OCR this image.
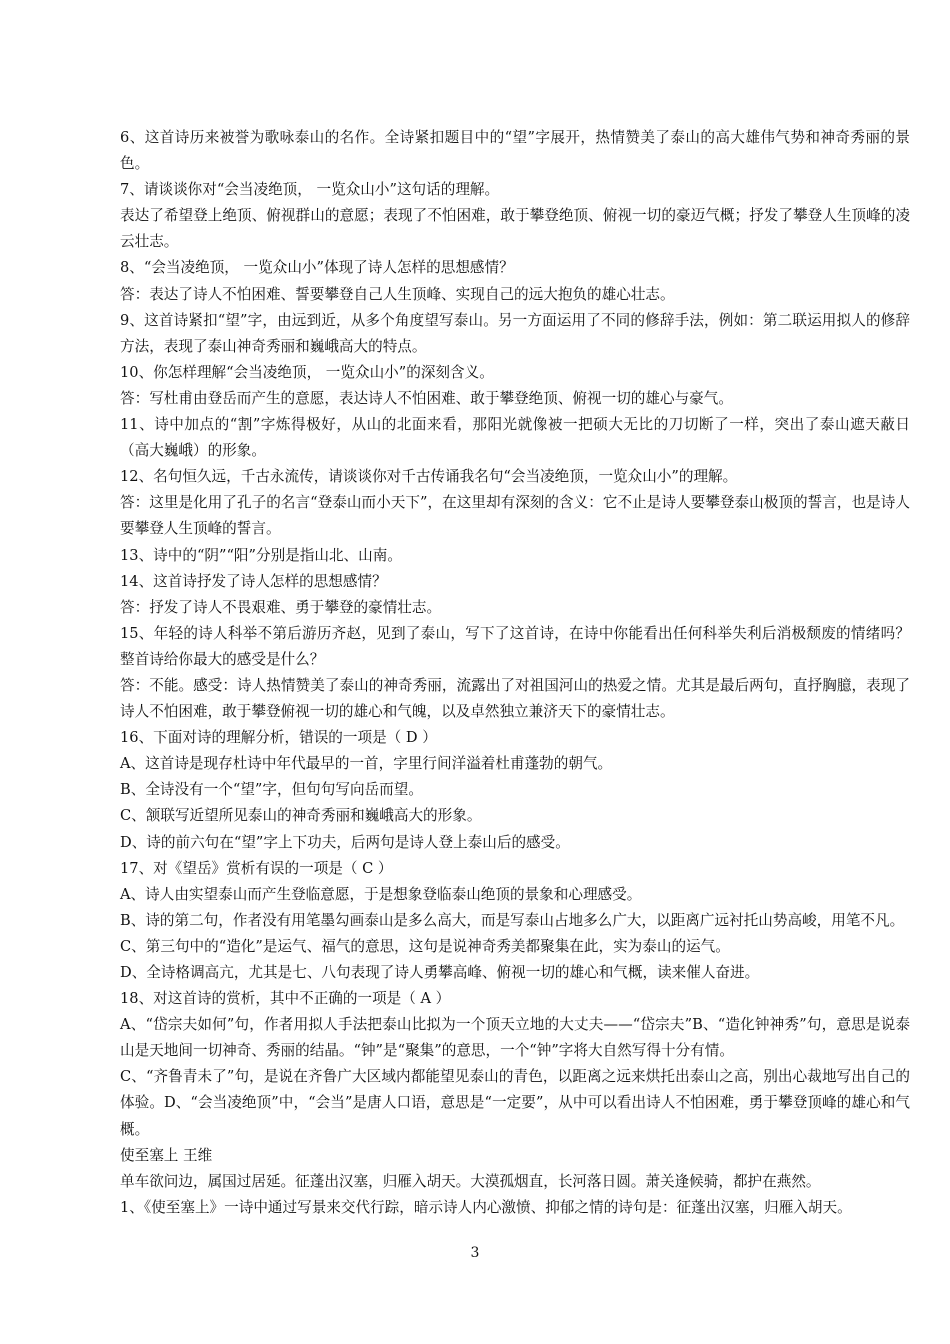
6、这首诗历来被誉为歌咏泰山的名作。全诗紧扣题目中的“望”字展开，热情赞美了泰山的高大雄伟气势和神奇秀丽的景色。

7、请谈谈你对“会当凌绝顶， 一览众山小”这句话的理解。

表达了希望登上绝顶、俯视群山的意愿；表现了不怕困难，敢于攀登绝顶、俯视一切的豪迈气概；抒发了攀登人生顶峰的凌云壮志。

8、“会当凌绝顶， 一览众山小”体现了诗人怎样的思想感情？

答：表达了诗人不怕困难、誓要攀登自己人生顶峰、实现自己的远大抱负的雄心壮志。

9、这首诗紧扣“望”字，由远到近，从多个角度望写泰山。另一方面运用了不同的修辞手法，例如：第二联运用拟人的修辞方法，表现了泰山神奇秀丽和巍峨高大的特点。

10、你怎样理解“会当凌绝顶， 一览众山小”的深刻含义。

答：写杜甫由登岳而产生的意愿，表达诗人不怕困难、敢于攀登绝顶、俯视一切的雄心与豪气。

11、诗中加点的“割”字炼得极好，从山的北面来看，那阳光就像被一把硕大无比的刀切断了一样，突出了泰山遮天蔽日（高大巍峨）的形象。

12、名句恒久远，千古永流传，请谈谈你对千古传诵我名句“会当凌绝顶，一览众山小”的理解。

答：这里是化用了孔子的名言“登泰山而小天下”，在这里却有深刻的含义：它不止是诗人要攀登泰山极顶的誓言，也是诗人要攀登人生顶峰的誓言。

13、诗中的“阴”“阳”分别是指山北、山南。

14、这首诗抒发了诗人怎样的思想感情？

答：抒发了诗人不畏艰难、勇于攀登的豪情壮志。

15、年轻的诗人科举不第后游历齐赵，见到了泰山，写下了这首诗，在诗中你能看出任何科举失利后消极颓废的情绪吗？整首诗给你最大的感受是什么？

答：不能。感受：诗人热情赞美了泰山的神奇秀丽，流露出了对祖国河山的热爱之情。尤其是最后两句，直抒胸臆，表现了诗人不怕困难，敢于攀登俯视一切的雄心和气魄，以及卓然独立兼济天下的豪情壮志。

16、下面对诗的理解分析，错误的一项是（ D ）

A、这首诗是现存杜诗中年代最早的一首，字里行间洋溢着杜甫蓬勃的朝气。

B、全诗没有一个“望”字，但句句写向岳而望。

C、颔联写近望所见泰山的神奇秀丽和巍峨高大的形象。

D、诗的前六句在“望”字上下功夫，后两句是诗人登上泰山后的感受。

17、对《望岳》赏析有误的一项是（ C ）

A、诗人由实望泰山而产生登临意愿，于是想象登临泰山绝顶的景象和心理感受。

B、诗的第二句，作者没有用笔墨勾画泰山是多么高大，而是写泰山占地多么广大，以距离广远衬托山势高峻，用笔不凡。

C、第三句中的“造化”是运气、福气的意思，这句是说神奇秀美都聚集在此，实为泰山的运气。

D、全诗格调高亢，尤其是七、八句表现了诗人勇攀高峰、俯视一切的雄心和气概，读来催人奋进。

18、对这首诗的赏析，其中不正确的一项是（ A ）

A、“岱宗夫如何”句，作者用拟人手法把泰山比拟为一个顶天立地的大丈夫——“岱宗夫”B、“造化钟神秀”句，意思是说泰山是天地间一切神奇、秀丽的结晶。“钟”是“聚集”的意思，一个“钟”字将大自然写得十分有情。

C、“齐鲁青未了”句，是说在齐鲁广大区域内都能望见泰山的青色，以距离之远来烘托出泰山之高，别出心裁地写出自己的体验。D、“会当凌绝顶”中，“会当”是唐人口语，意思是“一定要”，从中可以看出诗人不怕困难，勇于攀登顶峰的雄心和气概。

使至塞上 王维

单车欲问边，属国过居延。征蓬出汉塞，归雁入胡天。大漠孤烟直，长河落日圆。萧关逢候骑，都护在燕然。

1、《使至塞上》一诗中通过写景来交代行踪，暗示诗人内心激愤、抑郁之情的诗句是：征蓬出汉塞，归雁入胡天。

3
